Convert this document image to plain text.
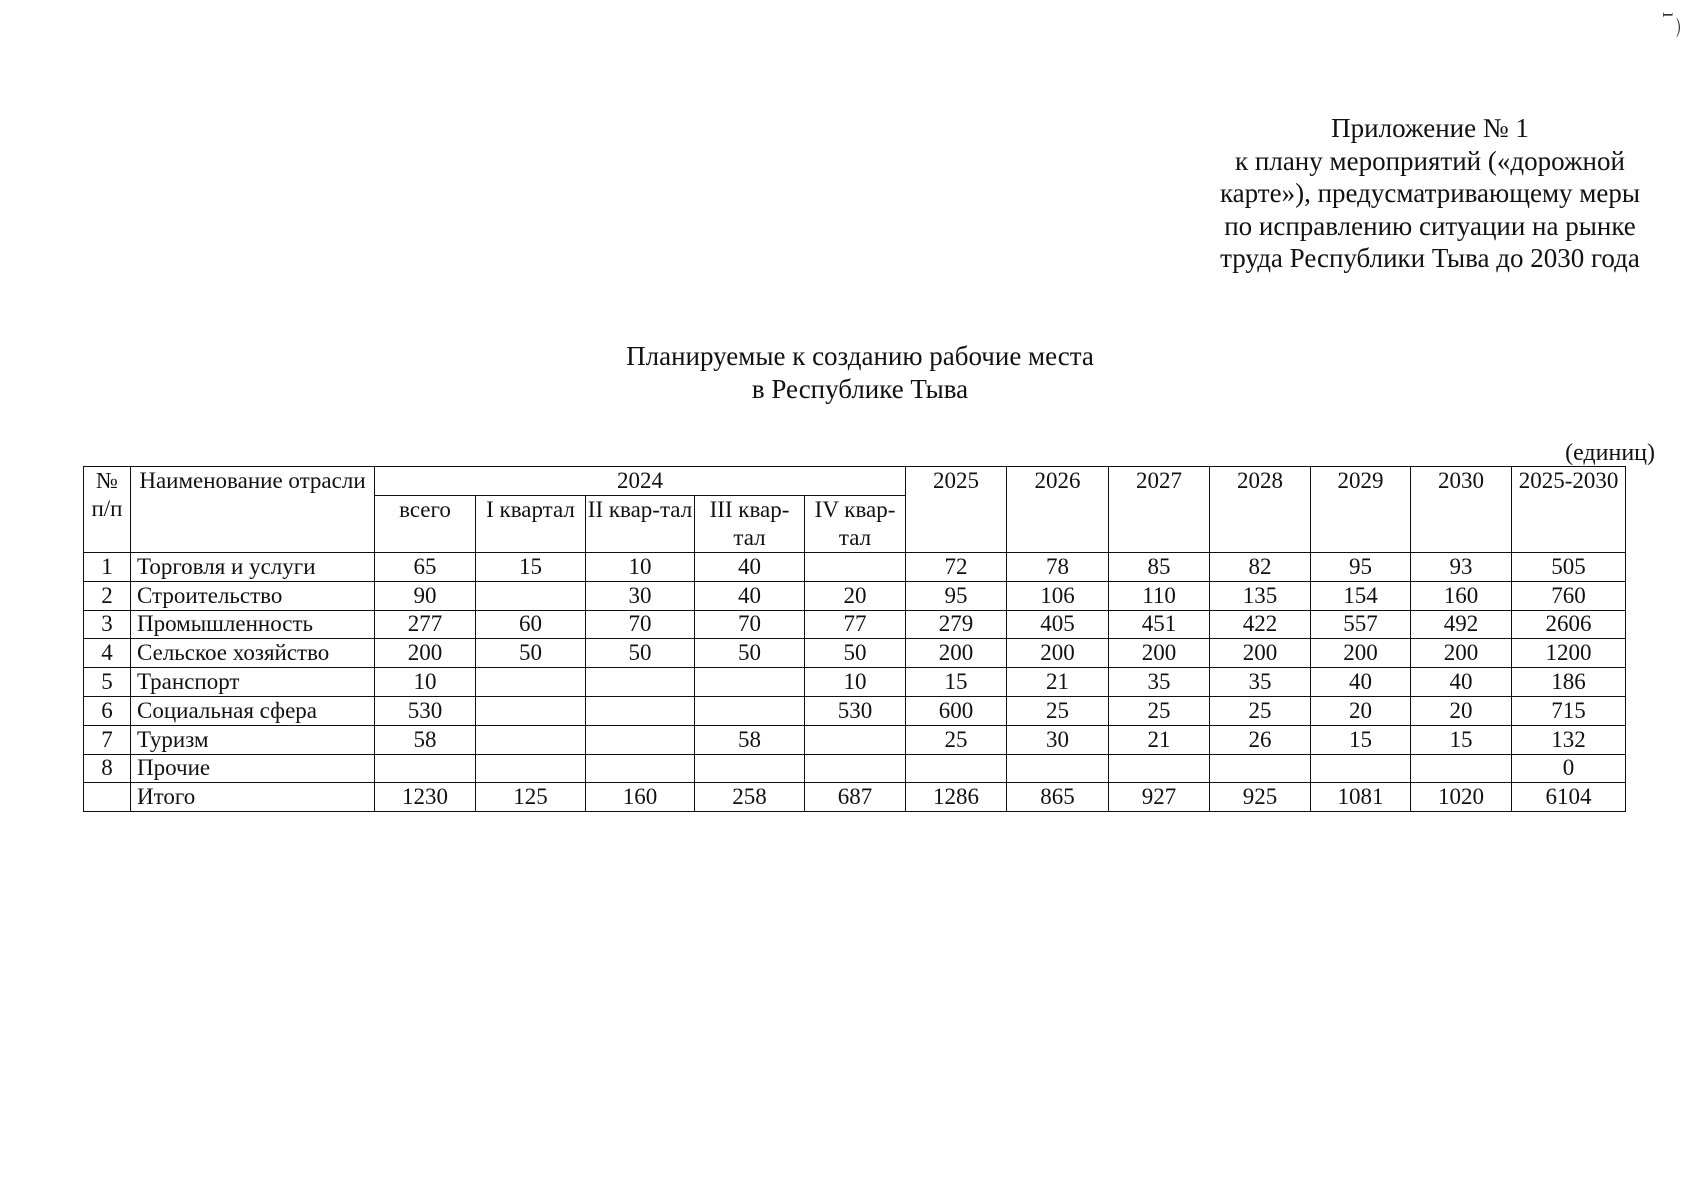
ı⌒
Приложение № 1
к плану мероприятий («дорожной
карте»), предусматривающему меры
по исправлению ситуации на рынке
труда Республики Тыва до 2030 года
Планируемые к созданию рабочие места
в Республике Тыва
(единиц)
№ п/п	Наименование отрасли	2024					2025	2026	2027	2028	2029	2030	2025-2030
		всего	I квартал	II квар-тал	III квар-тал	IV квар-тал							
1	Торговля и услуги	65	15	10	40		72	78	85	82	95	93	505
2	Строительство	90		30	40	20	95	106	110	135	154	160	760
3	Промышленность	277	60	70	70	77	279	405	451	422	557	492	2606
4	Сельское хозяйство	200	50	50	50	50	200	200	200	200	200	200	1200
5	Транспорт	10				10	15	21	35	35	40	40	186
6	Социальная сфера	530				530	600	25	25	25	20	20	715
7	Туризм	58			58		25	30	21	26	15	15	132
8	Прочие												0
	Итого	1230	125	160	258	687	1286	865	927	925	1081	1020	6104
